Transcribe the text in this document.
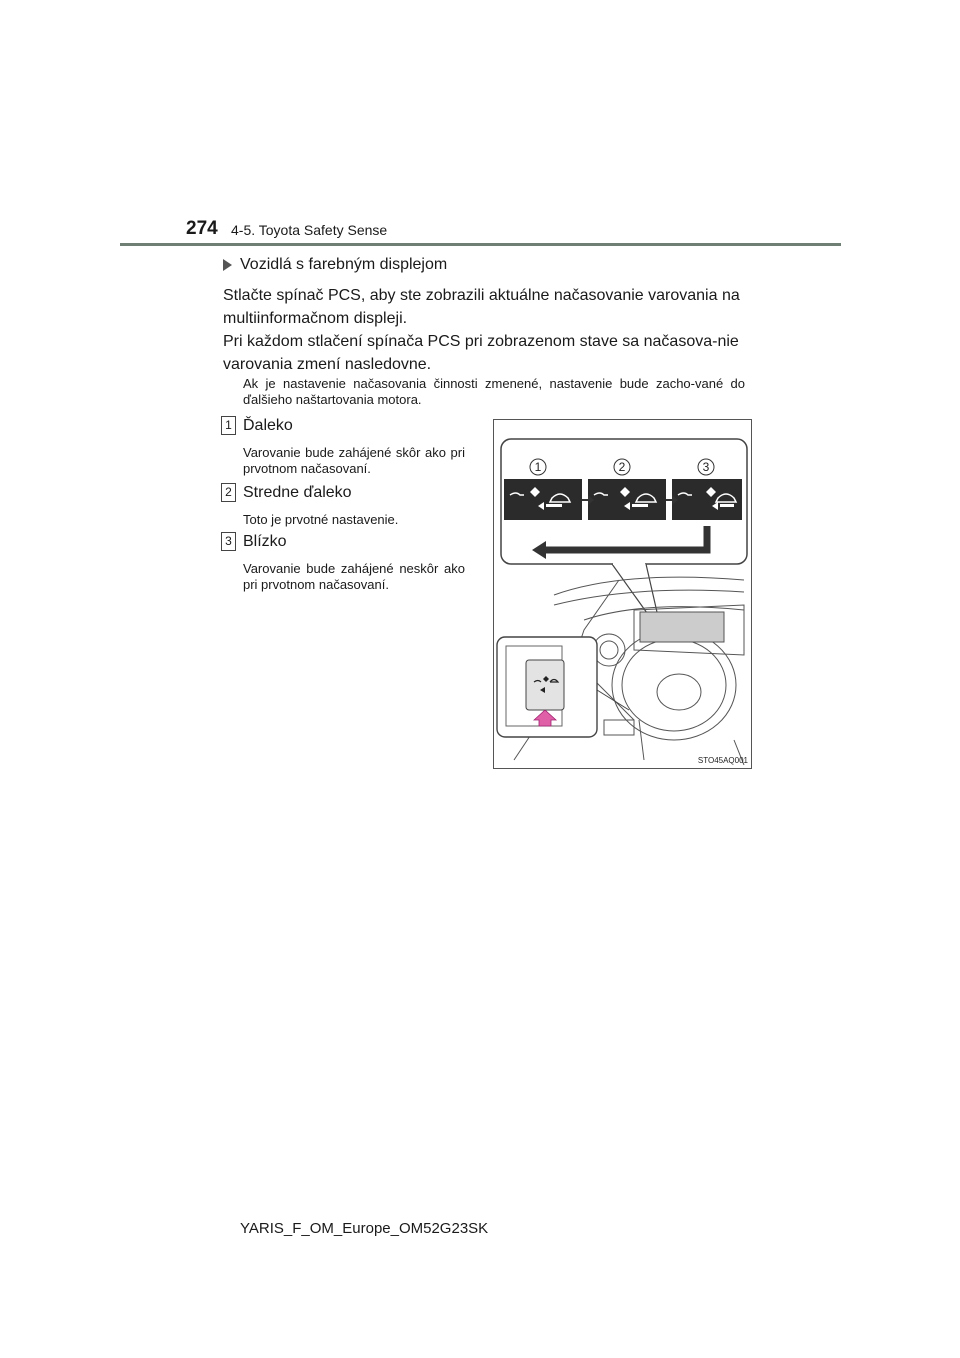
274 4-5. Toyota Safety Sense
Vozidlá s farebným displejom

Stlačte spínač PCS, aby ste zobrazili aktuálne načasovanie varovania na multiinformačnom displeji.

Pri každom stlačení spínača PCS pri zobrazenom stave sa načasova-nie varovania zmení nasledovne.

Ak je nastavenie načasovania činnosti zmenené, nastavenie bude zacho-vané do ďalšieho naštartovania motora.
1 Ďaleko
Varovanie bude zahájené skôr ako pri prvotnom načasovaní.
2 Stredne ďaleko
Toto je prvotné nastavenie.
3 Blízko
Varovanie bude zahájené neskôr ako pri prvotnom načasovaní.
1	2	3
STO45AQ001
YARIS_F_OM_Europe_OM52G23SK
